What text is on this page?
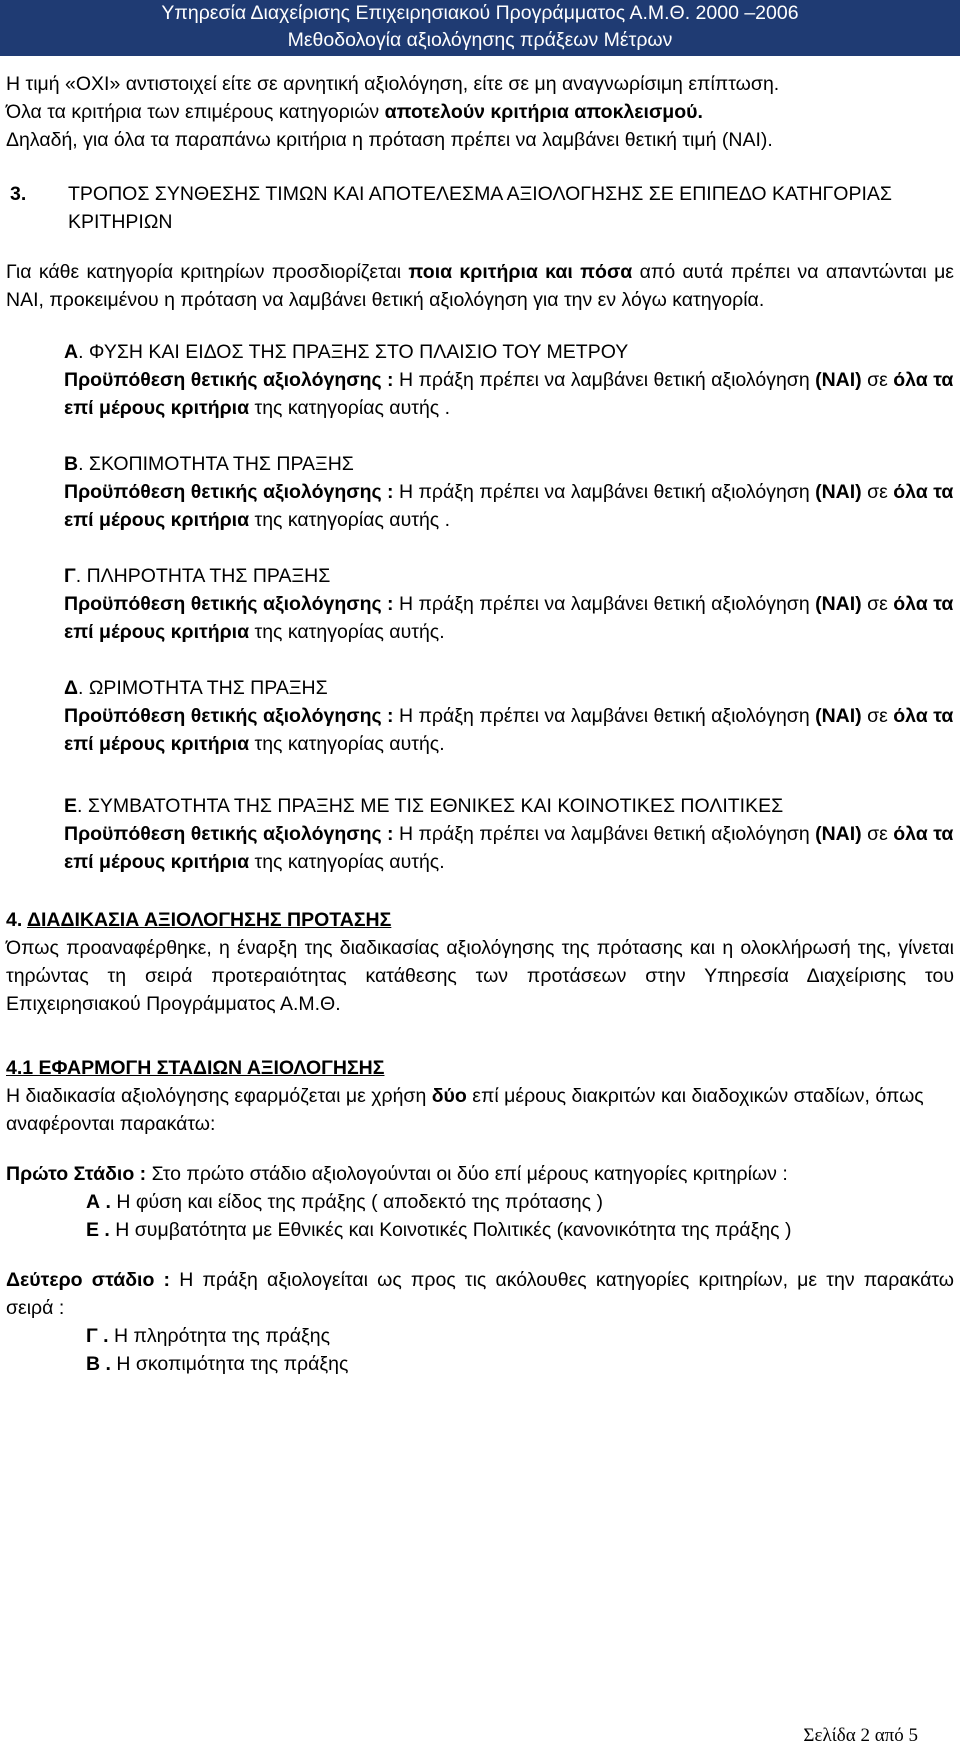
Υπηρεσία Διαχείρισης Επιχειρησιακού Προγράμματος Α.Μ.Θ. 2000 –2006
Μεθοδολογία αξιολόγησης πράξεων Μέτρων

Η τιμή «ΟΧΙ» αντιστοιχεί είτε σε αρνητική αξιολόγηση, είτε σε μη αναγνωρίσιμη επίπτωση.

Όλα τα κριτήρια των επιμέρους κατηγοριών αποτελούν κριτήρια αποκλεισμού.

Δηλαδή, για όλα τα παραπάνω κριτήρια η πρόταση πρέπει να λαμβάνει θετική τιμή (ΝΑΙ).

3.	ΤΡΟΠΟΣ ΣΥΝΘΕΣΗΣ ΤΙΜΩΝ ΚΑΙ ΑΠΟΤΕΛΕΣΜΑ ΑΞΙΟΛΟΓΗΣΗΣ ΣΕ ΕΠΙΠΕΔΟ ΚΑΤΗΓΟΡΙΑΣ ΚΡΙΤΗΡΙΩΝ

Για κάθε κατηγορία κριτηρίων προσδιορίζεται ποια κριτήρια και πόσα από αυτά πρέπει να απαντώνται με ΝΑΙ, προκειμένου η πρόταση να λαμβάνει θετική αξιολόγηση για την εν λόγω κατηγορία.

Α. ΦΥΣΗ ΚΑΙ ΕΙΔΟΣ ΤΗΣ ΠΡΑΞΗΣ ΣΤΟ ΠΛΑΙΣΙΟ ΤΟΥ ΜΕΤΡΟΥ

Προϋπόθεση θετικής αξιολόγησης : Η πράξη πρέπει να λαμβάνει θετική αξιολόγηση (ΝΑΙ) σε όλα τα επί μέρους κριτήρια της κατηγορίας αυτής .

Β. ΣΚΟΠΙΜΟΤΗΤΑ ΤΗΣ ΠΡΑΞΗΣ

Προϋπόθεση θετικής αξιολόγησης : Η πράξη πρέπει να λαμβάνει θετική αξιολόγηση (ΝΑΙ) σε όλα τα επί μέρους κριτήρια της κατηγορίας αυτής .

Γ. ΠΛΗΡΟΤΗΤΑ ΤΗΣ ΠΡΑΞΗΣ

Προϋπόθεση θετικής αξιολόγησης : Η πράξη πρέπει να λαμβάνει θετική αξιολόγηση (ΝΑΙ) σε όλα τα επί μέρους κριτήρια της κατηγορίας αυτής.

Δ. ΩΡΙΜΟΤΗΤΑ ΤΗΣ ΠΡΑΞΗΣ

Προϋπόθεση θετικής αξιολόγησης : Η πράξη πρέπει να λαμβάνει θετική αξιολόγηση (ΝΑΙ) σε όλα τα επί μέρους κριτήρια της κατηγορίας αυτής.

Ε. ΣΥΜΒΑΤΟΤΗΤΑ ΤΗΣ ΠΡΑΞΗΣ ΜΕ ΤΙΣ ΕΘΝΙΚΕΣ ΚΑΙ ΚΟΙΝΟΤΙΚΕΣ ΠΟΛΙΤΙΚΕΣ

Προϋπόθεση θετικής αξιολόγησης : Η πράξη πρέπει να λαμβάνει θετική αξιολόγηση (ΝΑΙ) σε όλα τα επί μέρους κριτήρια της κατηγορίας αυτής.

4. ΔΙΑΔΙΚΑΣΙΑ ΑΞΙΟΛΟΓΗΣΗΣ ΠΡΟΤΑΣΗΣ

Όπως προαναφέρθηκε, η έναρξη της διαδικασίας αξιολόγησης της πρότασης και η ολοκλήρωσή της, γίνεται τηρώντας τη σειρά προτεραιότητας κατάθεσης των προτάσεων στην Υπηρεσία Διαχείρισης του Επιχειρησιακού Προγράμματος Α.Μ.Θ.

4.1 ΕΦΑΡΜΟΓΗ ΣΤΑΔΙΩΝ ΑΞΙΟΛΟΓΗΣΗΣ

Η διαδικασία αξιολόγησης εφαρμόζεται με χρήση δύο επί μέρους διακριτών και διαδοχικών σταδίων, όπως αναφέρονται παρακάτω:

Πρώτο Στάδιο : Στο πρώτο στάδιο αξιολογούνται οι δύο επί μέρους κατηγορίες κριτηρίων :

Α . Η φύση και είδος της πράξης ( αποδεκτό της πρότασης )

Ε . Η συμβατότητα με Εθνικές και Κοινοτικές Πολιτικές (κανονικότητα της πράξης )

Δεύτερο στάδιο : Η πράξη αξιολογείται ως προς τις ακόλουθες κατηγορίες κριτηρίων, με την παρακάτω σειρά :

Γ . Η πληρότητα της πράξης

Β . Η σκοπιμότητα της πράξης

Σελίδα 2 από 5
